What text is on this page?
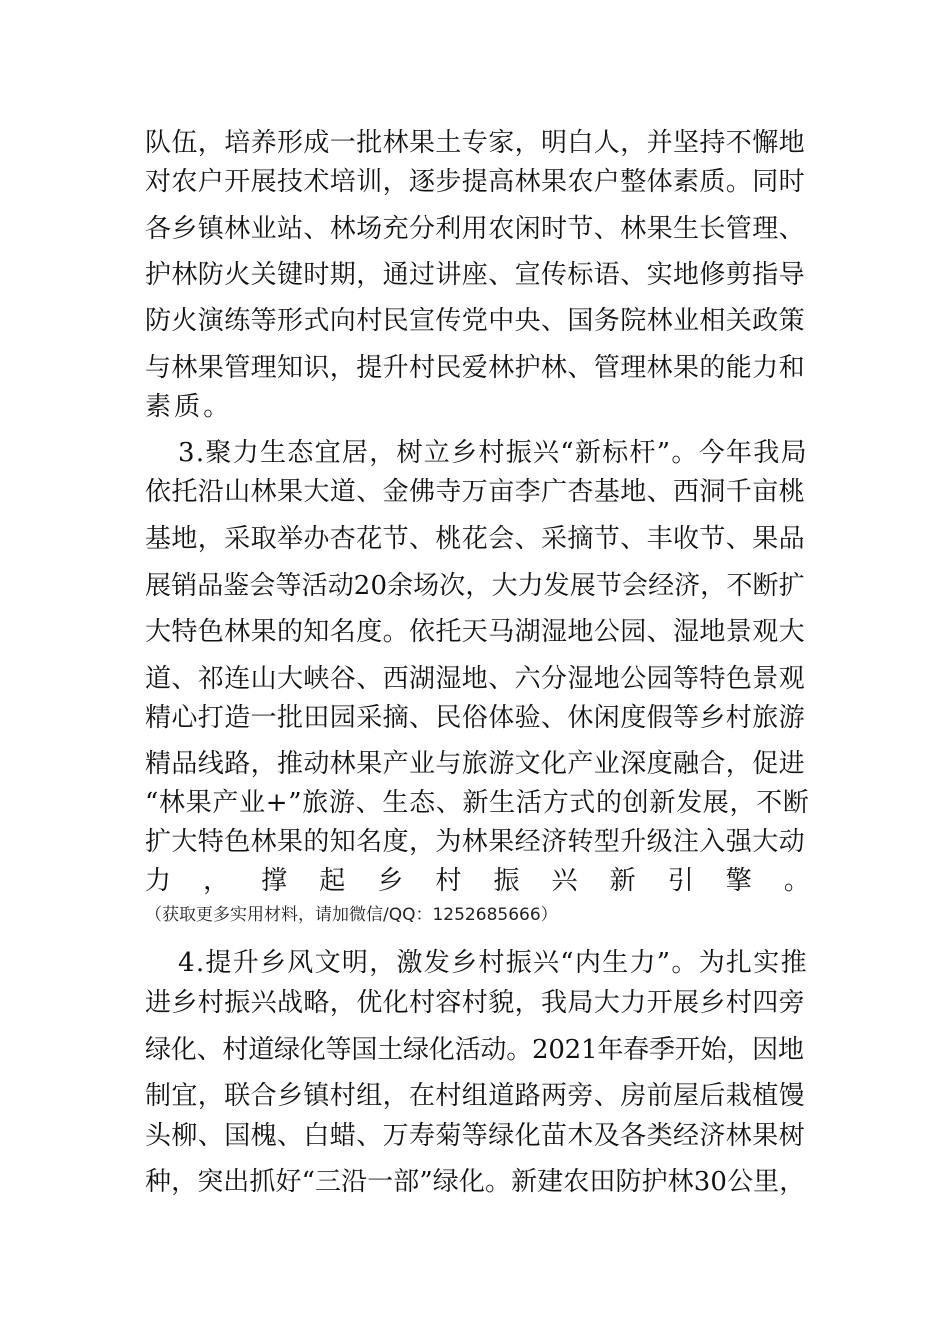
队伍，培养形成一批林果土专家，明白人，并坚持不懈地
对农户开展技术培训，逐步提高林果农户整体素质。同时
各乡镇林业站、林场充分利用农闲时节、林果生长管理、
护林防火关键时期，通过讲座、宣传标语、实地修剪指导
防火演练等形式向村民宣传党中央、国务院林业相关政策
与林果管理知识，提升村民爱林护林、管理林果的能力和
素质。
3.聚力生态宜居，树立乡村振兴“新标杆”。今年我局
依托沿山林果大道、金佛寺万亩李广杏基地、西洞千亩桃
基地，采取举办杏花节、桃花会、采摘节、丰收节、果品
展销品鉴会等活动20余场次，大力发展节会经济，不断扩
大特色林果的知名度。依托天马湖湿地公园、湿地景观大
道、祁连山大峡谷、西湖湿地、六分湿地公园等特色景观
精心打造一批田园采摘、民俗体验、休闲度假等乡村旅游
精品线路，推动林果产业与旅游文化产业深度融合，促进
“林果产业+”旅游、生态、新生活方式的创新发展，不断
扩大特色林果的知名度，为林果经济转型升级注入强大动
力 ， 撑 起 乡 村 振 兴 新 引 擎 。
（获取更多实用材料，请加微信/QQ：1252685666）
4.提升乡风文明，激发乡村振兴“内生力”。为扎实推
进乡村振兴战略，优化村容村貌，我局大力开展乡村四旁
绿化、村道绿化等国土绿化活动。2021年春季开始，因地
制宜，联合乡镇村组，在村组道路两旁、房前屋后栽植馒
头柳、国槐、白蜡、万寿菊等绿化苗木及各类经济林果树
种，突出抓好“三沿一部”绿化。新建农田防护林30公里，
